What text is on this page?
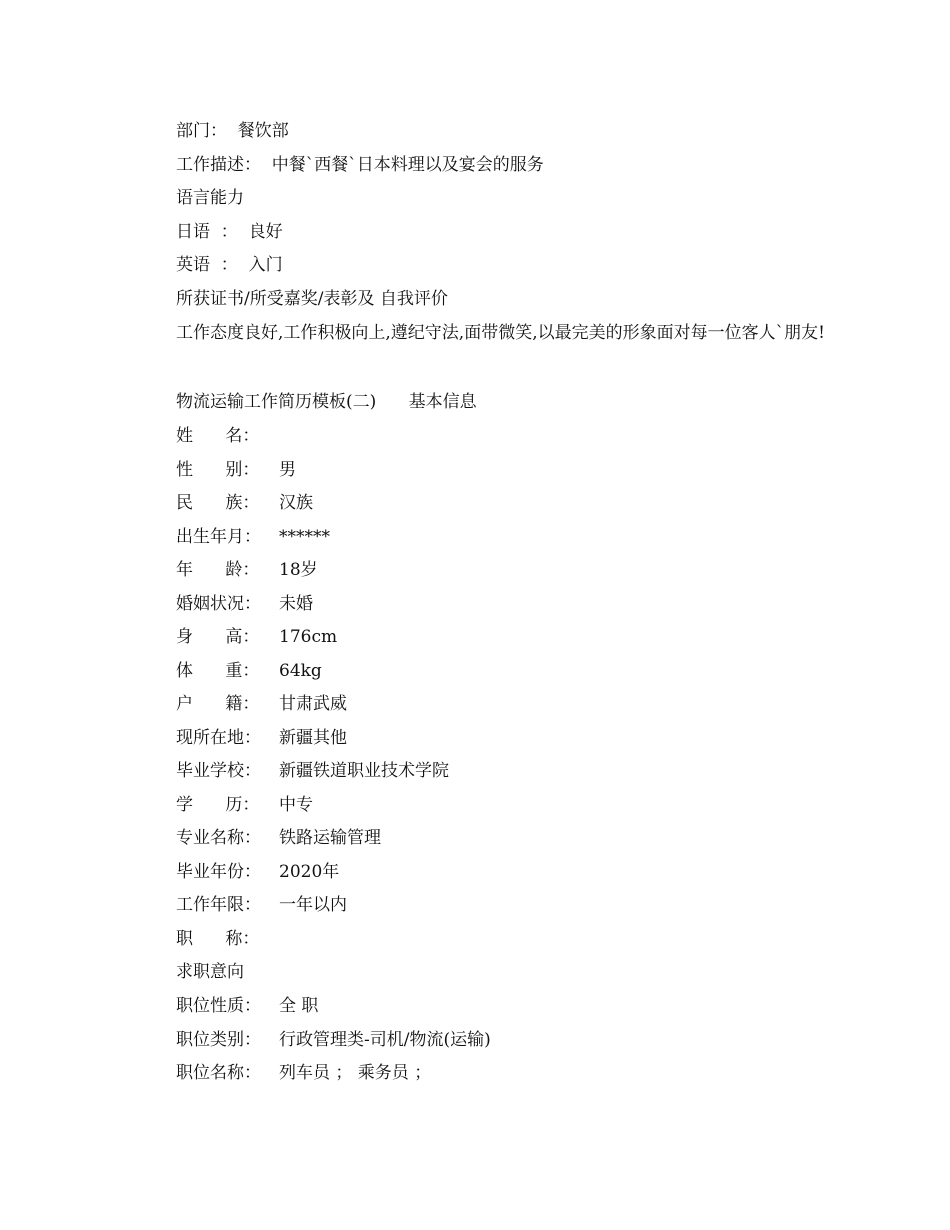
部门：  餐饮部
工作描述：  中餐`西餐`日本料理以及宴会的服务
语言能力
日语  ：  良好
英语  ：  入门
所获证书/所受嘉奖/表彰及 自我评价
工作态度良好,工作积极向上,遵纪守法,面带微笑,以最完美的形象面对每一位客人`朋友!
物流运输工作简历模板(二)      基本信息
姓      名：
性      别： 男
民      族： 汉族
出生年月： ******
年      龄： 18岁
婚姻状况： 未婚
身      高： 176cm
体      重： 64kg
户      籍： 甘肃武威
现所在地： 新疆其他
毕业学校： 新疆铁道职业技术学院
学      历： 中专
专业名称： 铁路运输管理
毕业年份： 2020年
工作年限： 一年以内
职      称：
求职意向
职位性质： 全 职
职位类别： 行政管理类-司机/物流(运输)
职位名称： 列车员 ； 乘务员 ；
